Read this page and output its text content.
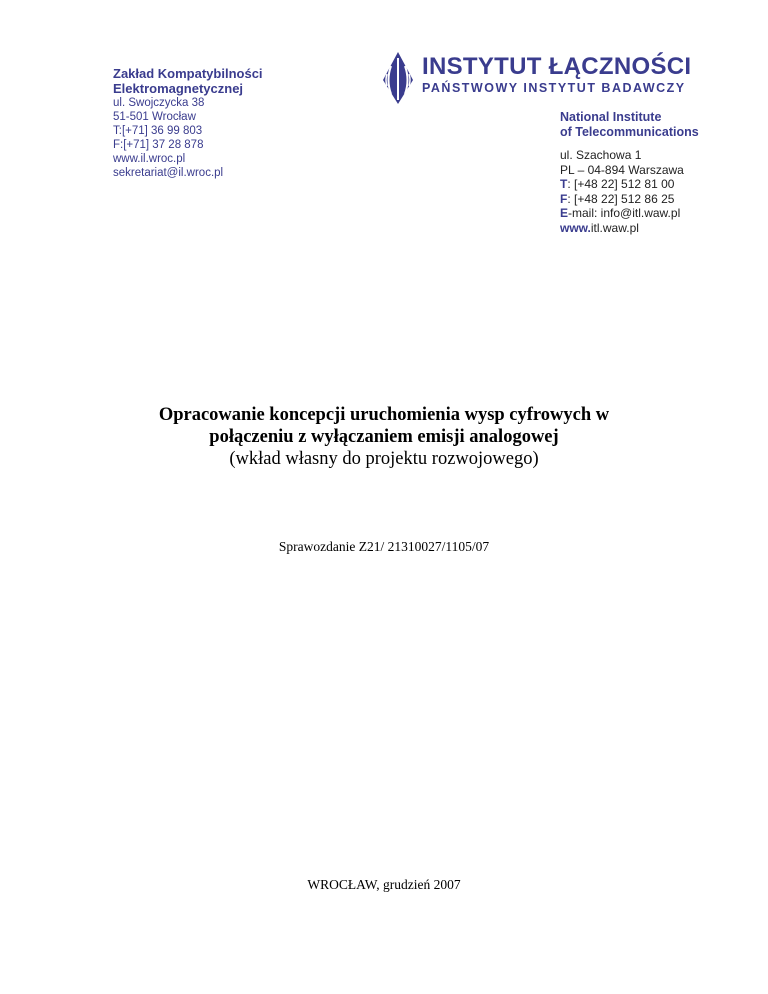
Zakład Kompatybilności
Elektromagnetycznej
ul. Swojczycka 38
51-501 Wrocław
T:[+71] 36 99 803
F:[+71] 37 28 878
www.il.wroc.pl
sekretariat@il.wroc.pl
INSTYTUT ŁĄCZNOŚCI
PAŃSTWOWY INSTYTUT BADAWCZY
National Institute
of Telecommunications
ul. Szachowa 1
PL – 04-894 Warszawa
T: [+48 22] 512 81 00
F: [+48 22] 512 86 25
E-mail: info@itl.waw.pl
www.itl.waw.pl
Opracowanie koncepcji uruchomienia wysp cyfrowych w
połączeniu z wyłączaniem emisji analogowej
(wkład własny do projektu rozwojowego)
Sprawozdanie Z21/ 21310027/1105/07
WROCŁAW, grudzień 2007
